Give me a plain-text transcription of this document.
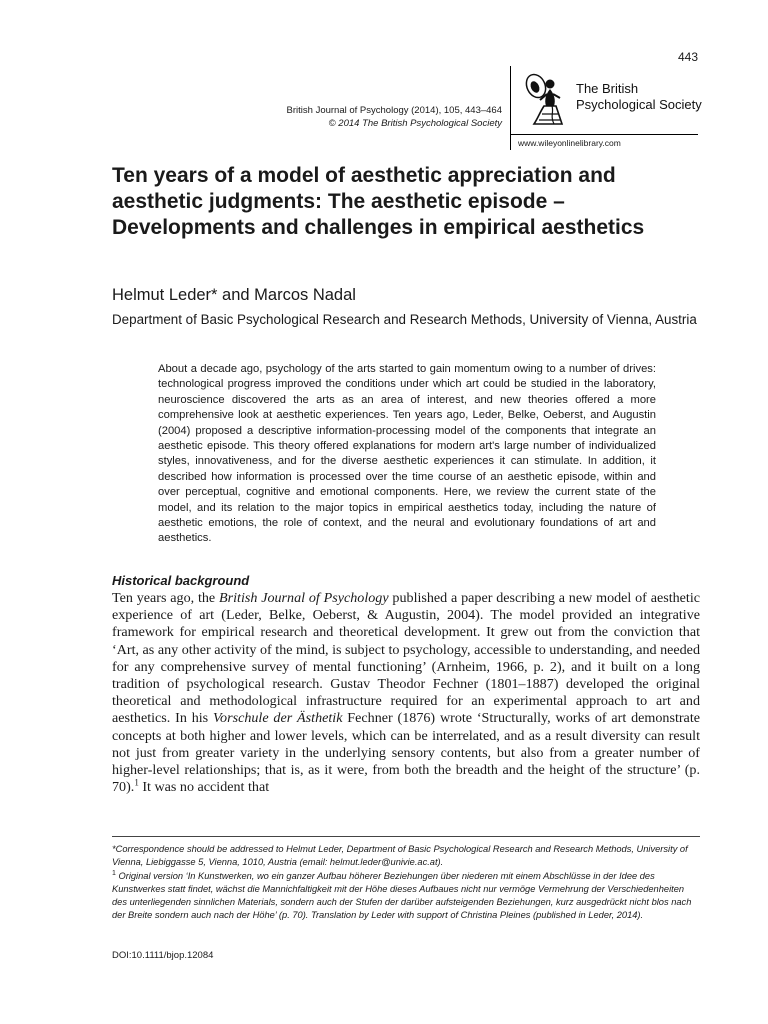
443
British Journal of Psychology (2014), 105, 443–464
© 2014 The British Psychological Society
The British
Psychological Society
www.wileyonlinelibrary.com
Ten years of a model of aesthetic appreciation and aesthetic judgments: The aesthetic episode – Developments and challenges in empirical aesthetics

Helmut Leder* and Marcos Nadal

Department of Basic Psychological Research and Research Methods, University of Vienna, Austria

About a decade ago, psychology of the arts started to gain momentum owing to a number of drives: technological progress improved the conditions under which art could be studied in the laboratory, neuroscience discovered the arts as an area of interest, and new theories offered a more comprehensive look at aesthetic experiences. Ten years ago, Leder, Belke, Oeberst, and Augustin (2004) proposed a descriptive information-processing model of the components that integrate an aesthetic episode. This theory offered explanations for modern art's large number of individualized styles, innovativeness, and for the diverse aesthetic experiences it can stimulate. In addition, it described how information is processed over the time course of an aesthetic episode, within and over perceptual, cognitive and emotional components. Here, we review the current state of the model, and its relation to the major topics in empirical aesthetics today, including the nature of aesthetic emotions, the role of context, and the neural and evolutionary foundations of art and aesthetics.

Historical background

Ten years ago, the British Journal of Psychology published a paper describing a new model of aesthetic experience of art (Leder, Belke, Oeberst, & Augustin, 2004). The model provided an integrative framework for empirical research and theoretical development. It grew out from the conviction that ‘Art, as any other activity of the mind, is subject to psychology, accessible to understanding, and needed for any comprehensive survey of mental functioning’ (Arnheim, 1966, p. 2), and it built on a long tradition of psychological research. Gustav Theodor Fechner (1801–1887) developed the original theoretical and methodological infrastructure required for an experimental approach to art and aesthetics. In his Vorschule der Ästhetik Fechner (1876) wrote ‘Structurally, works of art demonstrate concepts at both higher and lower levels, which can be interrelated, and as a result diversity can result not just from greater variety in the underlying sensory contents, but also from a greater number of higher-level relationships; that is, as it were, from both the breadth and the height of the structure’ (p. 70).$^1$ It was no accident that

*Correspondence should be addressed to Helmut Leder, Department of Basic Psychological Research and Research Methods, University of Vienna, Liebiggasse 5, Vienna, 1010, Austria (email: helmut.leder@univie.ac.at).

$^1$ Original version ‘In Kunstwerken, wo ein ganzer Aufbau höherer Beziehungen über niederen mit einem Abschlüsse in der Idee des Kunstwerkes statt findet, wächst die Mannichfaltigkeit mit der Höhe dieses Aufbaues nicht nur vermöge Vermehrung der Verschiedenheiten des unterliegenden sinnlichen Materials, sondern auch der Stufen der darüber aufsteigenden Beziehungen, kurz ausgedrückt nicht blos nach der Breite sondern auch nach der Höhe’ (p. 70). Translation by Leder with support of Christina Pleines (published in Leder, 2014).

DOI:10.1111/bjop.12084
